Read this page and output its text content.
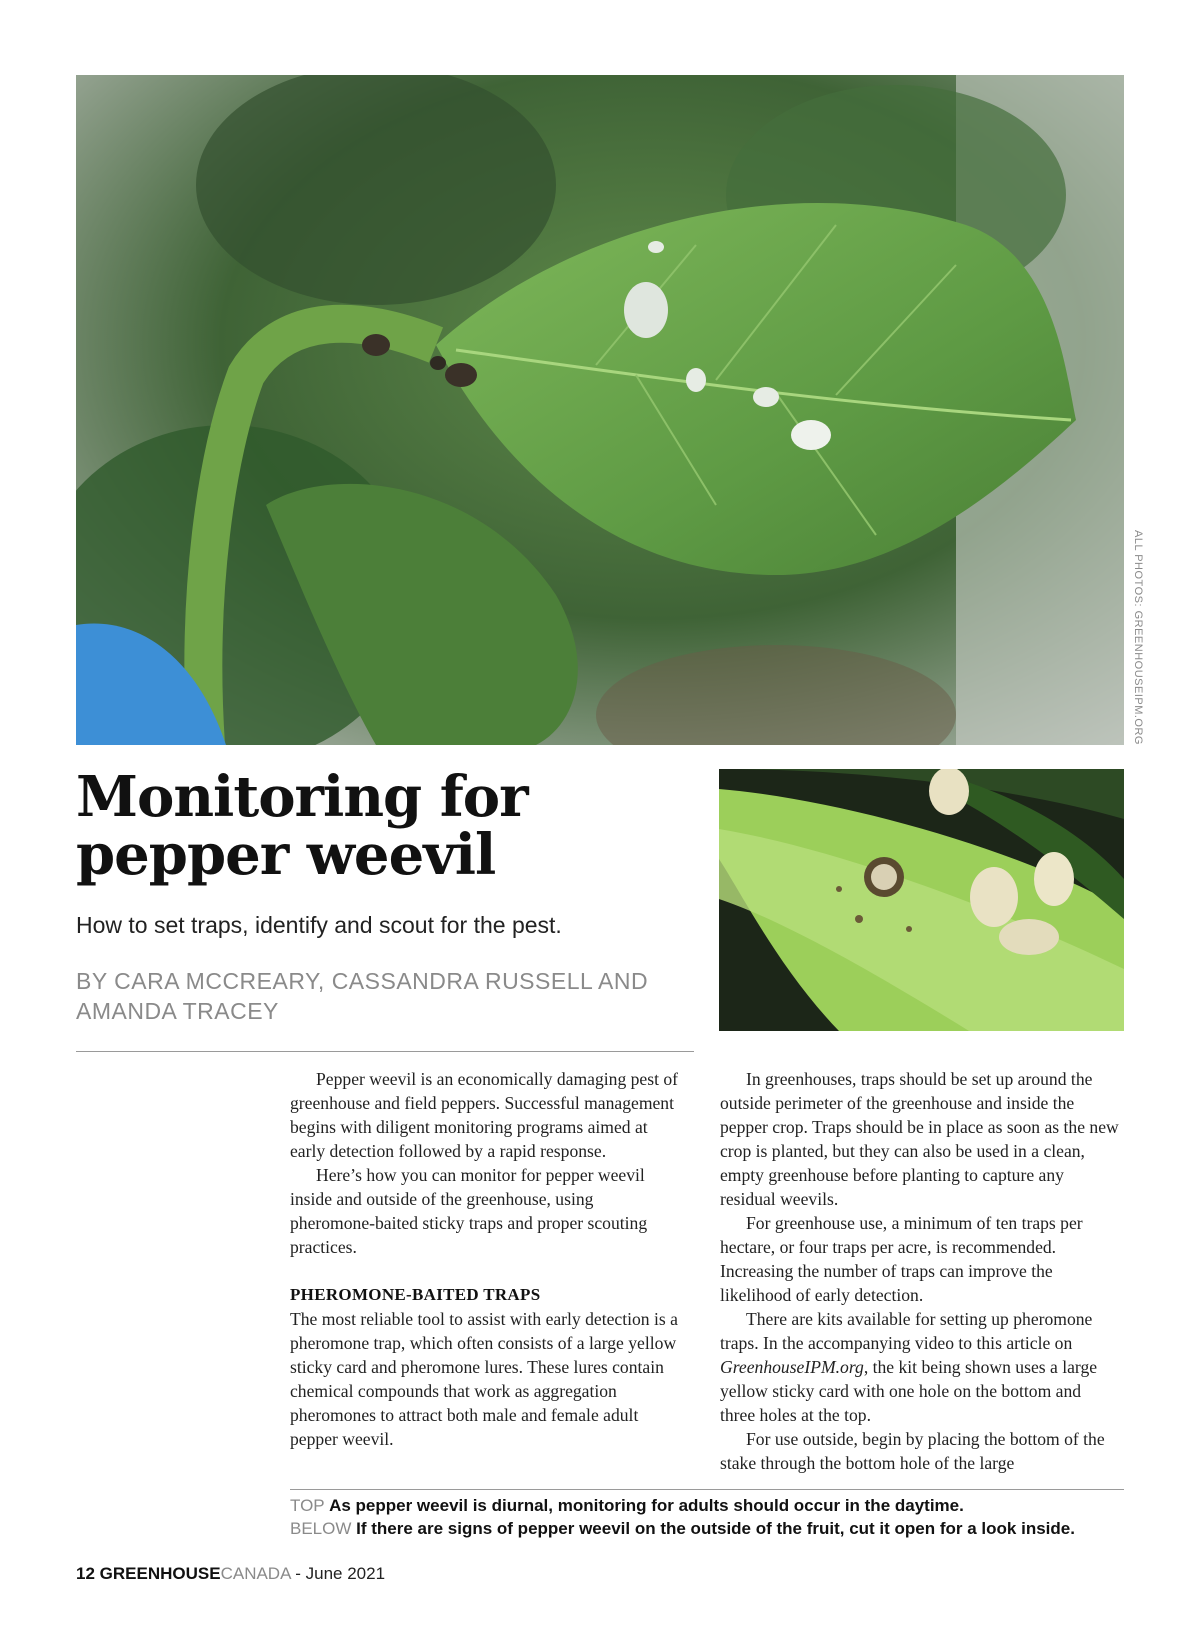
ALL PHOTOS: GREENHOUSEIPM.ORG
Monitoring for pepper weevil
How to set traps, identify and scout for the pest.
BY CARA MCCREARY, CASSANDRA RUSSELL AND AMANDA TRACEY

Pepper weevil is an economically damaging pest of greenhouse and field peppers. Successful management begins with diligent monitoring programs aimed at early detection followed by a rapid response.

Here’s how you can monitor for pepper weevil inside and outside of the greenhouse, using pheromone-baited sticky traps and proper scouting practices.

PHEROMONE-BAITED TRAPS

The most reliable tool to assist with early detection is a pheromone trap, which often consists of a large yellow sticky card and pheromone lures. These lures contain chemical compounds that work as aggregation pheromones to attract both male and female adult pepper weevil.

In greenhouses, traps should be set up around the outside perimeter of the greenhouse and inside the pepper crop. Traps should be in place as soon as the new crop is planted, but they can also be used in a clean, empty greenhouse before planting to capture any residual weevils.

For greenhouse use, a minimum of ten traps per hectare, or four traps per acre, is recommended. Increasing the number of traps can improve the likelihood of early detection.

There are kits available for setting up pheromone traps. In the accompanying video to this article on GreenhouseIPM.org, the kit being shown uses a large yellow sticky card with one hole on the bottom and three holes at the top.

For use outside, begin by placing the bottom of the stake through the bottom hole of the large

TOP As pepper weevil is diurnal, monitoring for adults should occur in the daytime.
BELOW If there are signs of pepper weevil on the outside of the fruit, cut it open for a look inside.
12 GREENHOUSECANADA - June 2021
